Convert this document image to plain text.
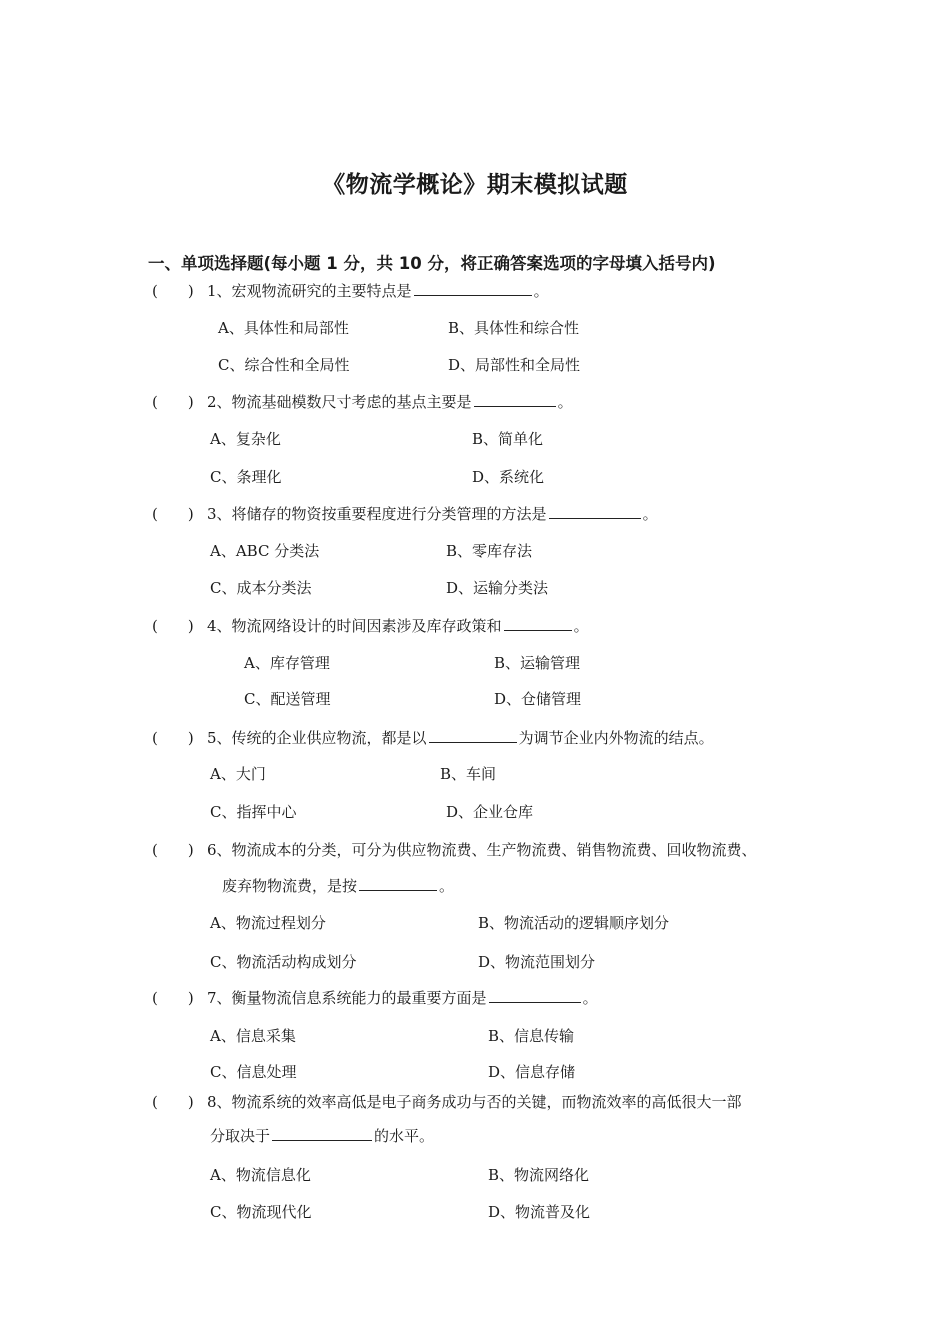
《物流学概论》期末模拟试题
一、单项选择题(每小题 1 分，共 10 分，将正确答案选项的字母填入括号内)
( ) 1、宏观物流研究的主要特点是	。
A、具体性和局部性	B、具体性和综合性
C、综合性和全局性	D、局部性和全局性
( ) 2、物流基础模数尺寸考虑的基点主要是	。
A、复杂化	B、简单化
C、条理化	D、系统化
( ) 3、将储存的物资按重要程度进行分类管理的方法是	。
A、ABC 分类法	B、零库存法
C、成本分类法	D、运输分类法
( ) 4、物流网络设计的时间因素涉及库存政策和	。
A、库存管理	B、运输管理
C、配送管理	D、仓储管理
( ) 5、传统的企业供应物流，都是以	为调节企业内外物流的结点。
A、大门	B、车间
C、指挥中心	D、企业仓库
( ) 6、物流成本的分类，可分为供应物流费、生产物流费、销售物流费、回收物流费、
废弃物物流费，是按	。
A、物流过程划分	B、物流活动的逻辑顺序划分
C、物流活动构成划分	D、物流范围划分
( ) 7、衡量物流信息系统能力的最重要方面是	。
A、信息采集	B、信息传输
C、信息处理	D、信息存储
( ) 8、物流系统的效率高低是电子商务成功与否的关键，而物流效率的高低很大一部
分取决于	的水平。
A、物流信息化	B、物流网络化
C、物流现代化	D、物流普及化
